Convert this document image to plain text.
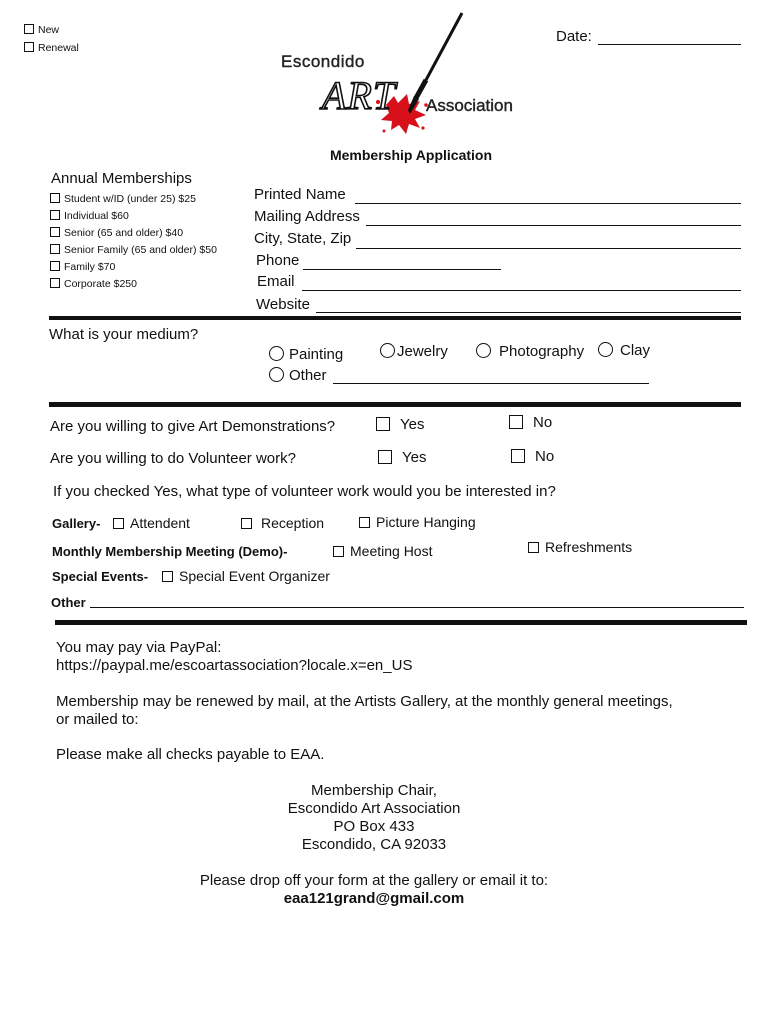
New
Renewal
Date:
Escondido
ART Association
Membership Application
Annual Memberships
Student w/ID (under 25) $25
Individual $60
Senior (65 and older) $40
Senior Family (65 and older) $50
Family $70
Corporate $250
Printed Name
Mailing Address
City, State, Zip
Phone
Email
Website
What is your medium?
Painting	Jewelry	Photography	Clay
Other
Are you willing to give Art Demonstrations?	Yes	No
Are you willing to do Volunteer work?	Yes	No
If you checked Yes, what type of volunteer work would you be interested in?
Gallery-	Attendent	Reception	Picture Hanging
Monthly Membership Meeting (Demo)-	Meeting Host	Refreshments
Special Events-	Special Event Organizer
Other
You may pay via PayPal:
https://paypal.me/escoartassociation?locale.x=en_US
Membership may be renewed by mail, at the Artists Gallery, at the monthly general meetings,
or mailed to:
Please make all checks payable to EAA.
Membership Chair,
Escondido Art Association
PO Box 433
Escondido, CA 92033
Please drop off your form at the gallery or email it to:
eaa121grand@gmail.com
